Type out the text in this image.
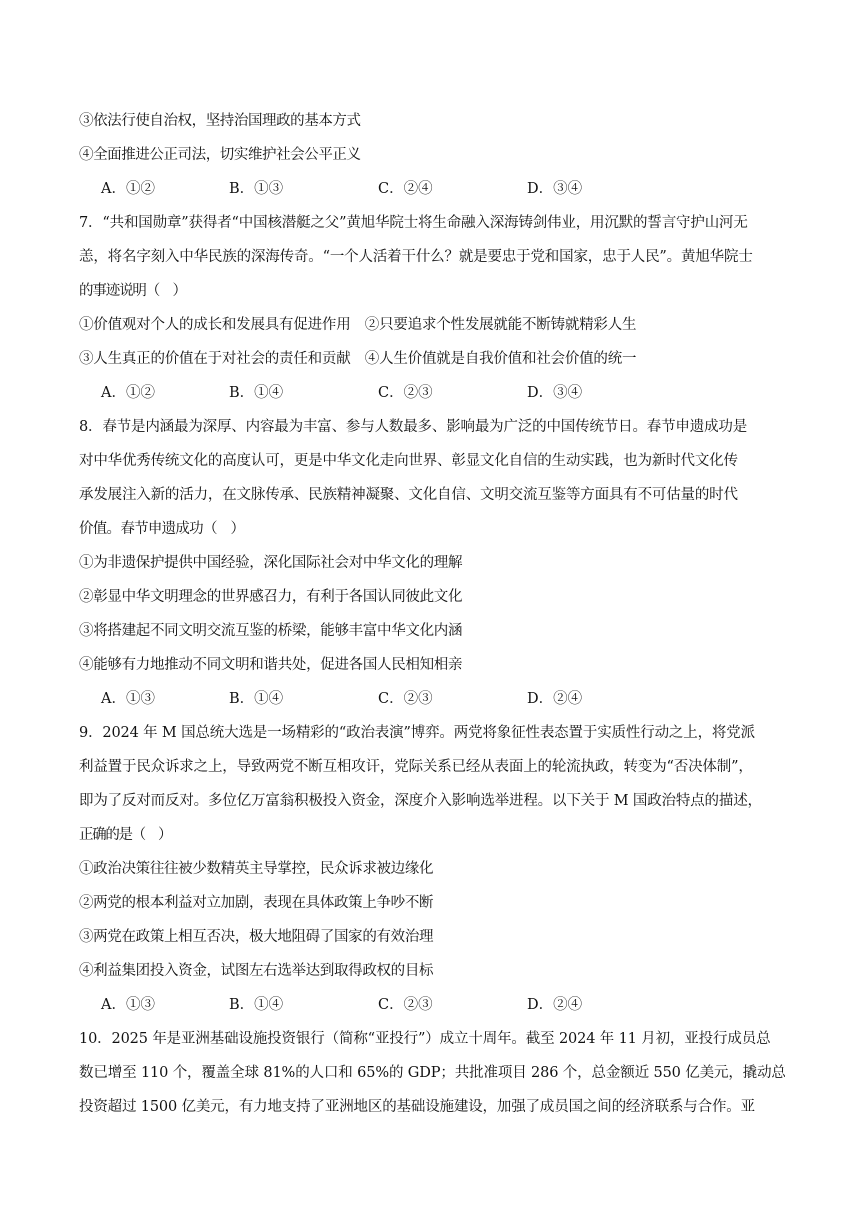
③依法行使自治权，坚持治国理政的基本方式
④全面推进公正司法，切实维护社会公平正义
A．①②	B．①③	C．②④	D．③④
7．“共和国勋章”获得者“中国核潜艇之父”黄旭华院士将生命融入深海铸剑伟业，用沉默的誓言守护山河无
恙，将名字刻入中华民族的深海传奇。“一个人活着干什么？就是要忠于党和国家，忠于人民”。黄旭华院士
的事迹说明（　）
①价值观对个人的成长和发展具有促进作用　②只要追求个性发展就能不断铸就精彩人生
③人生真正的价值在于对社会的责任和贡献　④人生价值就是自我价值和社会价值的统一
A．①②	B．①④	C．②③	D．③④
8．春节是内涵最为深厚、内容最为丰富、参与人数最多、影响最为广泛的中国传统节日。春节申遗成功是
对中华优秀传统文化的高度认可，更是中华文化走向世界、彰显文化自信的生动实践，也为新时代文化传
承发展注入新的活力，在文脉传承、民族精神凝聚、文化自信、文明交流互鉴等方面具有不可估量的时代
价值。春节申遗成功（　）
①为非遗保护提供中国经验，深化国际社会对中华文化的理解
②彰显中华文明理念的世界感召力，有利于各国认同彼此文化
③将搭建起不同文明交流互鉴的桥梁，能够丰富中华文化内涵
④能够有力地推动不同文明和谐共处，促进各国人民相知相亲
A．①③	B．①④	C．②③	D．②④
9．2024 年 M 国总统大选是一场精彩的“政治表演”博弈。两党将象征性表态置于实质性行动之上，将党派
利益置于民众诉求之上，导致两党不断互相攻讦，党际关系已经从表面上的轮流执政，转变为“否决体制”，
即为了反对而反对。多位亿万富翁积极投入资金，深度介入影响选举进程。以下关于 M 国政治特点的描述，
正确的是（　）
①政治决策往往被少数精英主导掌控，民众诉求被边缘化
②两党的根本利益对立加剧，表现在具体政策上争吵不断
③两党在政策上相互否决，极大地阻碍了国家的有效治理
④利益集团投入资金，试图左右选举达到取得政权的目标
A．①③	B．①④	C．②③	D．②④
10．2025 年是亚洲基础设施投资银行（简称“亚投行”）成立十周年。截至 2024 年 11 月初，亚投行成员总
数已增至 110 个，覆盖全球 81%的人口和 65%的 GDP；共批准项目 286 个，总金额近 550 亿美元，撬动总
投资超过 1500 亿美元，有力地支持了亚洲地区的基础设施建设，加强了成员国之间的经济联系与合作。亚
